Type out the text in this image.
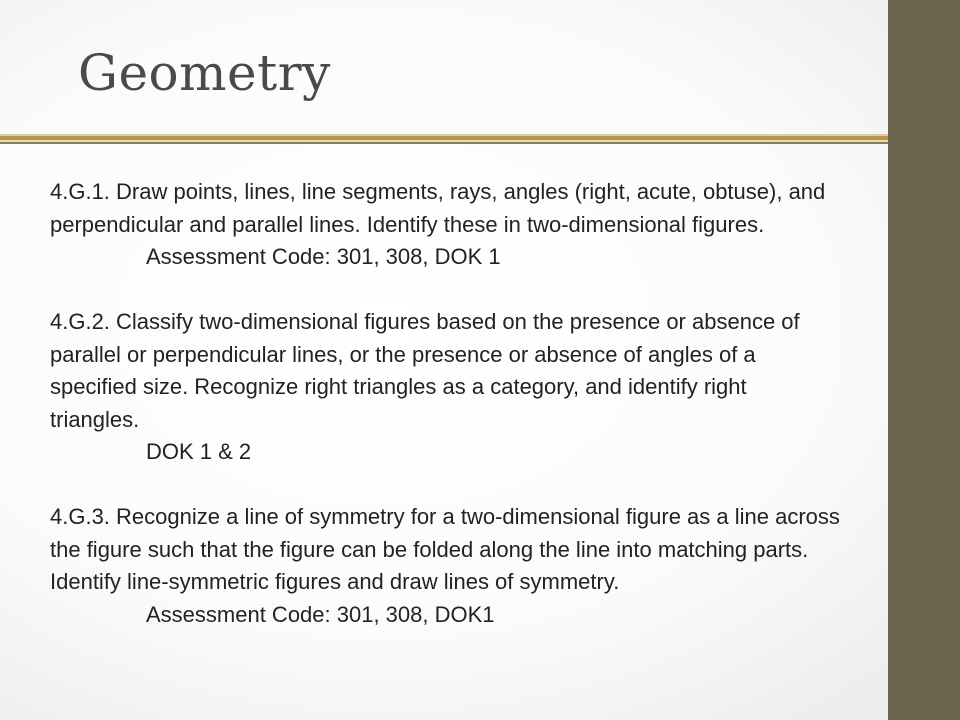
Geometry

4.G.1. Draw points, lines, line segments, rays, angles (right, acute, obtuse), and perpendicular and parallel lines. Identify these in two-dimensional figures.

Assessment Code: 301, 308, DOK 1

4.G.2. Classify two-dimensional figures based on the presence or absence of parallel or perpendicular lines, or the presence or absence of angles of a specified size. Recognize right triangles as a category, and identify right triangles.

DOK 1 & 2

4.G.3. Recognize a line of symmetry for a two-dimensional figure as a line across the figure such that the figure can be folded along the line into matching parts. Identify line-symmetric figures and draw lines of symmetry.

Assessment Code: 301, 308, DOK1
